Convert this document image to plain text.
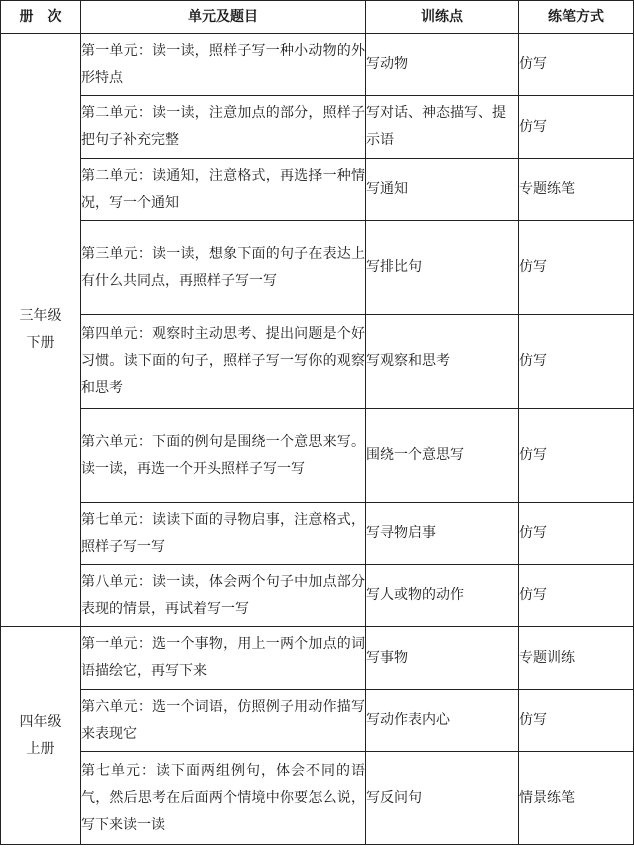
册　次	单元及题目	训练点	练笔方式
三年级下册	第一单元：读一读，照样子写一种小动物的外形特点	写动物	仿写
	第二单元：读一读，注意加点的部分，照样子把句子补充完整	写对话、神态描写、提示语	仿写
	第二单元：读通知，注意格式，再选择一种情况，写一个通知	写通知	专题练笔
	第三单元：读一读，想象下面的句子在表达上有什么共同点，再照样子写一写	写排比句	仿写
	第四单元：观察时主动思考、提出问题是个好习惯。读下面的句子，照样子写一写你的观察和思考	写观察和思考	仿写
	第六单元：下面的例句是围绕一个意思来写。读一读，再选一个开头照样子写一写	围绕一个意思写	仿写
	第七单元：读读下面的寻物启事，注意格式，照样子写一写	写寻物启事	仿写
	第八单元：读一读，体会两个句子中加点部分表现的情景，再试着写一写	写人或物的动作	仿写
四年级上册	第一单元：选一个事物，用上一两个加点的词语描绘它，再写下来	写事物	专题训练
	第六单元：选一个词语，仿照例子用动作描写来表现它	写动作表内心	仿写
	第七单元：读下面两组例句，体会不同的语气，然后思考在后面两个情境中你要怎么说，写下来读一读	写反问句	情景练笔
